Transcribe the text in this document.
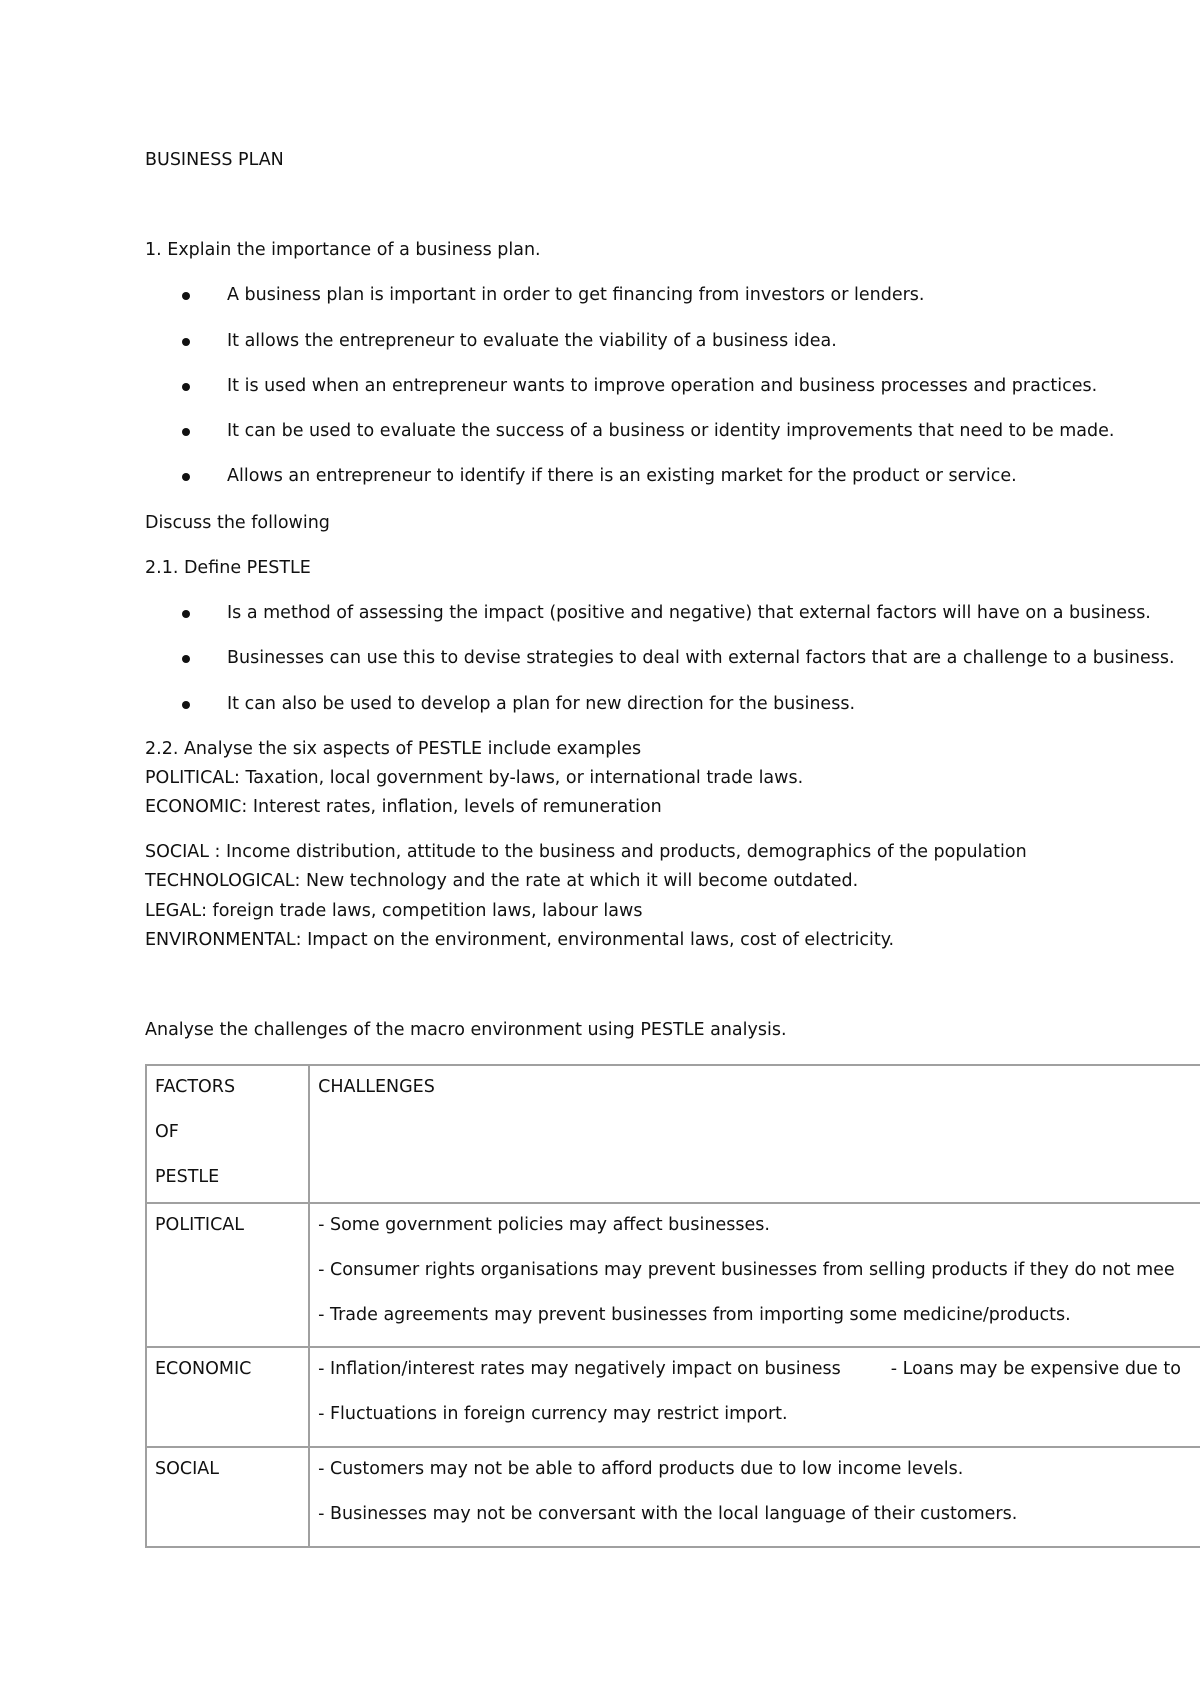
BUSINESS PLAN
1. Explain the importance of a business plan.
A business plan is important in order to get financing from investors or lenders.
It allows the entrepreneur to evaluate the viability of a business idea.
It is used when an entrepreneur wants to improve operation and business processes and practices.
It can be used to evaluate the success of a business or identity improvements that need to be made.
Allows an entrepreneur to identify if there is an existing market for the product or service.
Discuss the following
2.1. Define PESTLE
Is a method of assessing the impact (positive and negative) that external factors will have on a business.
Businesses can use this to devise strategies to deal with external factors that are a challenge to a business.
It can also be used to develop a plan for new direction for the business.
2.2. Analyse the six aspects of PESTLE include examples
POLITICAL: Taxation, local government by-laws, or international trade laws.
ECONOMIC: Interest rates, inflation, levels of remuneration
SOCIAL : Income distribution, attitude to the business and products, demographics of the population
TECHNOLOGICAL: New technology and the rate at which it will become outdated.
LEGAL: foreign trade laws, competition laws, labour laws
ENVIRONMENTAL: Impact on the environment, environmental laws, cost of electricity.
Analyse the challenges of the macro environment using PESTLE analysis.

FACTORS

OF

PESTLE	CHALLENGES

POLITICAL	- Some government policies may affect businesses.

- Consumer rights organisations may prevent businesses from selling products if they do not mee

- Trade agreements may prevent businesses from importing some medicine/products.

ECONOMIC	- Inflation/interest rates may negatively impact on business - Loans may be expensive due to

- Fluctuations in foreign currency may restrict import.

SOCIAL	- Customers may not be able to afford products due to low income levels.

- Businesses may not be conversant with the local language of their customers.
